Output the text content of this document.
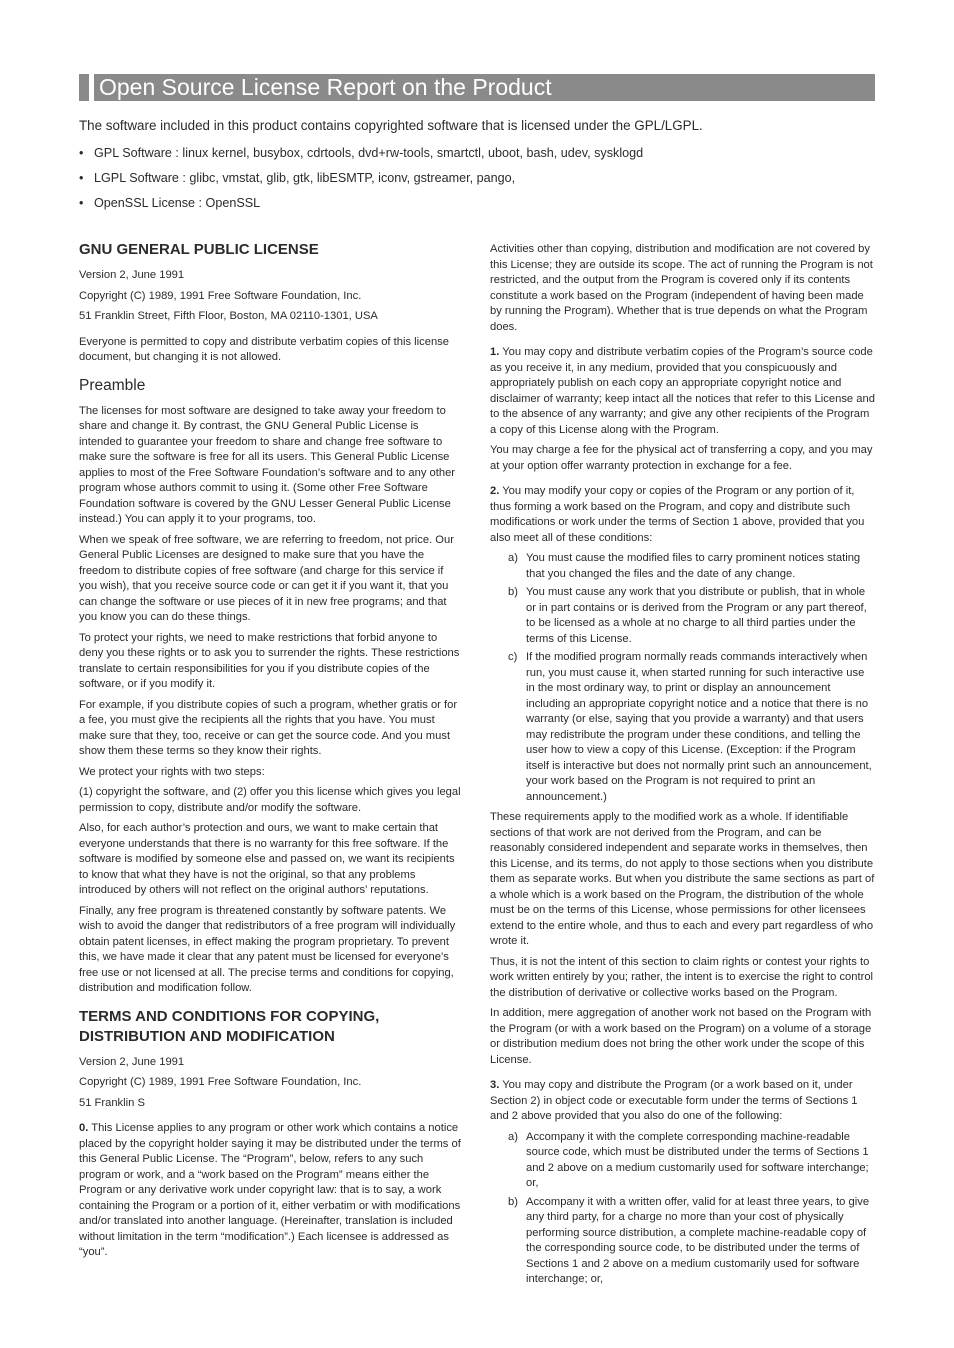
Open Source License Report on the Product
The software included in this product contains copyrighted software that is licensed under the GPL/LGPL.
• GPL Software : linux kernel, busybox, cdrtools, dvd+rw-tools, smartctl, uboot, bash, udev, sysklogd
• LGPL Software : glibc, vmstat, glib, gtk, libESMTP, iconv, gstreamer, pango,
• OpenSSL License : OpenSSL
GNU GENERAL PUBLIC LICENSE

Version 2, June 1991

Copyright (C) 1989, 1991 Free Software Foundation, Inc.

51 Franklin Street, Fifth Floor, Boston, MA 02110-1301, USA

Everyone is permitted to copy and distribute verbatim copies of this license document, but changing it is not allowed.

Preamble

The licenses for most software are designed to take away your freedom to share and change it. By contrast, the GNU General Public License is intended to guarantee your freedom to share and change free software to make sure the software is free for all its users. This General Public License applies to most of the Free Software Foundation’s software and to any other program whose authors commit to using it. (Some other Free Software Foundation software is covered by the GNU Lesser General Public License instead.) You can apply it to your programs, too.

When we speak of free software, we are referring to freedom, not price. Our General Public Licenses are designed to make sure that you have the freedom to distribute copies of free software (and charge for this service if you wish), that you receive source code or can get it if you want it, that you can change the software or use pieces of it in new free programs; and that you know you can do these things.

To protect your rights, we need to make restrictions that forbid anyone to deny you these rights or to ask you to surrender the rights. These restrictions translate to certain responsibilities for you if you distribute copies of the software, or if you modify it.

For example, if you distribute copies of such a program, whether gratis or for a fee, you must give the recipients all the rights that you have. You must make sure that they, too, receive or can get the source code. And you must show them these terms so they know their rights.

We protect your rights with two steps:

(1) copyright the software, and (2) offer you this license which gives you legal permission to copy, distribute and/or modify the software.

Also, for each author’s protection and ours, we want to make certain that everyone understands that there is no warranty for this free software. If the software is modified by someone else and passed on, we want its recipients to know that what they have is not the original, so that any problems introduced by others will not reflect on the original authors’ reputations.

Finally, any free program is threatened constantly by software patents. We wish to avoid the danger that redistributors of a free program will individually obtain patent licenses, in effect making the program proprietary. To prevent this, we have made it clear that any patent must be licensed for everyone’s free use or not licensed at all. The precise terms and conditions for copying, distribution and modification follow.

TERMS AND CONDITIONS FOR COPYING, DISTRIBUTION AND MODIFICATION

Version 2, June 1991

Copyright (C) 1989, 1991 Free Software Foundation, Inc.

51 Franklin S

0. This License applies to any program or other work which contains a notice placed by the copyright holder saying it may be distributed under the terms of this General Public License. The “Program”, below, refers to any such program or work, and a “work based on the Program” means either the Program or any derivative work under copyright law: that is to say, a work containing the Program or a portion of it, either verbatim or with modifications and/or translated into another language. (Hereinafter, translation is included without limitation in the term “modification”.) Each licensee is addressed as “you”.

Activities other than copying, distribution and modification are not covered by this License; they are outside its scope. The act of running the Program is not restricted, and the output from the Program is covered only if its contents constitute a work based on the Program (independent of having been made by running the Program). Whether that is true depends on what the Program does.

1. You may copy and distribute verbatim copies of the Program’s source code as you receive it, in any medium, provided that you conspicuously and appropriately publish on each copy an appropriate copyright notice and disclaimer of warranty; keep intact all the notices that refer to this License and to the absence of any warranty; and give any other recipients of the Program a copy of this License along with the Program.

You may charge a fee for the physical act of transferring a copy, and you may at your option offer warranty protection in exchange for a fee.

2. You may modify your copy or copies of the Program or any portion of it, thus forming a work based on the Program, and copy and distribute such modifications or work under the terms of Section 1 above, provided that you also meet all of these conditions:

a) You must cause the modified files to carry prominent notices stating that you changed the files and the date of any change.
b) You must cause any work that you distribute or publish, that in whole or in part contains or is derived from the Program or any part thereof, to be licensed as a whole at no charge to all third parties under the terms of this License.
c) If the modified program normally reads commands interactively when run, you must cause it, when started running for such interactive use in the most ordinary way, to print or display an announcement including an appropriate copyright notice and a notice that there is no warranty (or else, saying that you provide a warranty) and that users may redistribute the program under these conditions, and telling the user how to view a copy of this License. (Exception: if the Program itself is interactive but does not normally print such an announcement, your work based on the Program is not required to print an announcement.)

These requirements apply to the modified work as a whole. If identifiable sections of that work are not derived from the Program, and can be reasonably considered independent and separate works in themselves, then this License, and its terms, do not apply to those sections when you distribute them as separate works. But when you distribute the same sections as part of a whole which is a work based on the Program, the distribution of the whole must be on the terms of this License, whose permissions for other licensees extend to the entire whole, and thus to each and every part regardless of who wrote it.

Thus, it is not the intent of this section to claim rights or contest your rights to work written entirely by you; rather, the intent is to exercise the right to control the distribution of derivative or collective works based on the Program.

In addition, mere aggregation of another work not based on the Program with the Program (or with a work based on the Program) on a volume of a storage or distribution medium does not bring the other work under the scope of this License.

3. You may copy and distribute the Program (or a work based on it, under Section 2) in object code or executable form under the terms of Sections 1 and 2 above provided that you also do one of the following:

a) Accompany it with the complete corresponding machine-readable source code, which must be distributed under the terms of Sections 1 and 2 above on a medium customarily used for software interchange; or,
b) Accompany it with a written offer, valid for at least three years, to give any third party, for a charge no more than your cost of physically performing source distribution, a complete machine-readable copy of the corresponding source code, to be distributed under the terms of Sections 1 and 2 above on a medium customarily used for software interchange; or,
